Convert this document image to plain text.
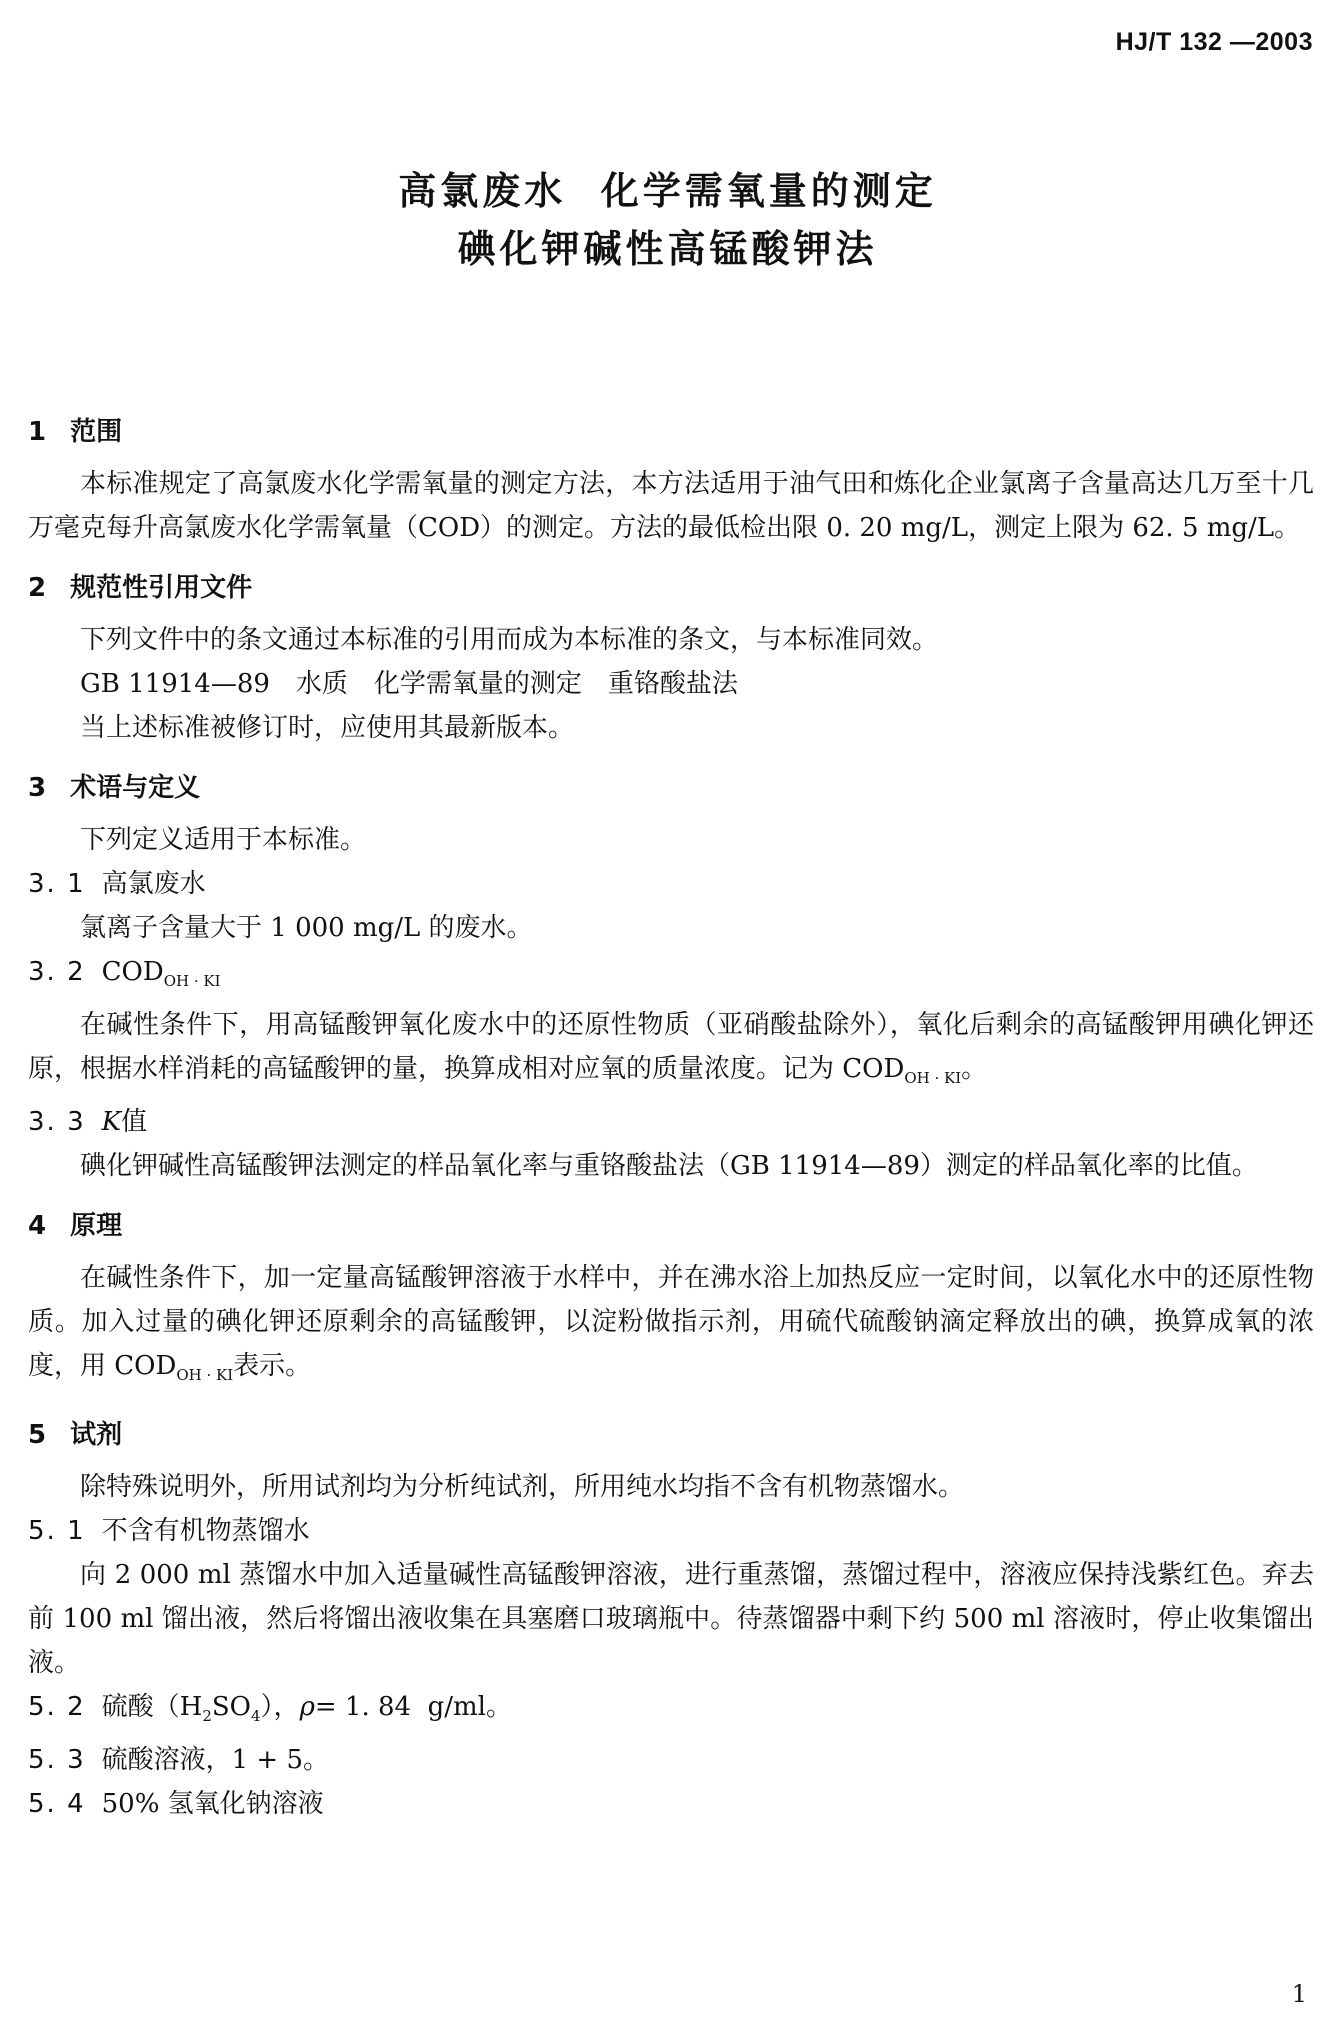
HJ/T 132 —2003
高氯废水  化学需氧量的测定
碘化钾碱性高锰酸钾法
1 范围

本标准规定了高氯废水化学需氧量的测定方法，本方法适用于油气田和炼化企业氯离子含量高达几万至十几万毫克每升高氯废水化学需氧量（COD）的测定。方法的最低检出限 0. 20 mg/L，测定上限为 62. 5 mg/L。

2 规范性引用文件

下列文件中的条文通过本标准的引用而成为本标准的条文，与本标准同效。

GB 11914—89　水质　化学需氧量的测定　重铬酸盐法

当上述标准被修订时，应使用其最新版本。

3 术语与定义

下列定义适用于本标准。

3. 1 高氯废水

氯离子含量大于 1 000 mg/L 的废水。

3. 2 $COD_{OH \cdot KI}$

在碱性条件下，用高锰酸钾氧化废水中的还原性物质（亚硝酸盐除外），氧化后剩余的高锰酸钾用碘化钾还原，根据水样消耗的高锰酸钾的量，换算成相对应氧的质量浓度。记为 $COD_{OH \cdot KI}$。

3. 3 K值

碘化钾碱性高锰酸钾法测定的样品氧化率与重铬酸盐法（GB 11914—89）测定的样品氧化率的比值。

4 原理

在碱性条件下，加一定量高锰酸钾溶液于水样中，并在沸水浴上加热反应一定时间，以氧化水中的还原性物质。加入过量的碘化钾还原剩余的高锰酸钾，以淀粉做指示剂，用硫代硫酸钠滴定释放出的碘，换算成氧的浓度，用 $COD_{OH \cdot KI}$表示。

5 试剂

除特殊说明外，所用试剂均为分析纯试剂，所用纯水均指不含有机物蒸馏水。

5. 1 不含有机物蒸馏水

向 2 000 ml 蒸馏水中加入适量碱性高锰酸钾溶液，进行重蒸馏，蒸馏过程中，溶液应保持浅紫红色。弃去前 100 ml 馏出液，然后将馏出液收集在具塞磨口玻璃瓶中。待蒸馏器中剩下约 500 ml 溶液时，停止收集馏出液。

5. 2 硫酸$(H_2SO_4)$，ρ= 1. 84  g/ml。
5. 3 硫酸溶液，1 + 5。
5. 4 50% 氢氧化钠溶液
1
